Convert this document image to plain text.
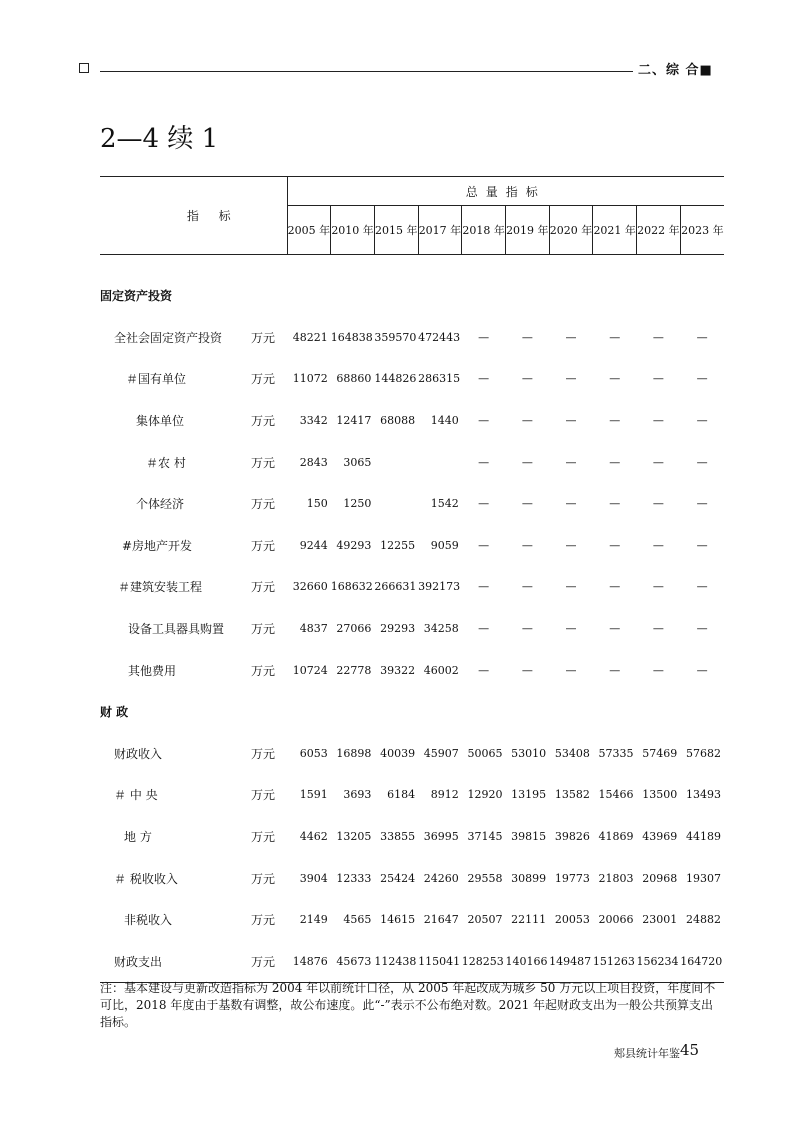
二、综 合■
2—4 续 1
指 标		总量指标									
		2005 年	2010 年	2015 年	2017 年	2018 年	2019 年	2020 年	2021 年	2022 年	2023 年

固定资产投资											
全社会固定资产投资	万元	48221	164838	359570	472443	—	—	—	—	—	—
＃国有单位	万元	11072	68860	144826	286315	—	—	—	—	—	—
集体单位	万元	3342	12417	68088	1440	—	—	—	—	—	—
＃农 村	万元	2843	3065			—	—	—	—	—	—
个体经济	万元	150	1250		1542	—	—	—	—	—	—
#房地产开发	万元	9244	49293	12255	9059	—	—	—	—	—	—
＃建筑安装工程	万元	32660	168632	266631	392173	—	—	—	—	—	—
设备工具器具购置	万元	4837	27066	29293	34258	—	—	—	—	—	—
其他费用	万元	10724	22778	39322	46002	—	—	—	—	—	—
财 政											
财政收入	万元	6053	16898	40039	45907	50065	53010	53408	57335	57469	57682
＃ 中 央	万元	1591	3693	6184	8912	12920	13195	13582	15466	13500	13493
地 方	万元	4462	13205	33855	36995	37145	39815	39826	41869	43969	44189
＃ 税收收入	万元	3904	12333	25424	24260	29558	30899	19773	21803	20968	19307
非税收入	万元	2149	4565	14615	21647	20507	22111	20053	20066	23001	24882
财政支出	万元	14876	45673	112438	115041	128253	140166	149487	151263	156234	164720
注：基本建设与更新改造指标为 2004 年以前统计口径，从 2005 年起改成为城乡 50 万元以上项目投资，年度间不可比，2018 年度由于基数有调整，故公布速度。此“-”表示不公布绝对数。2021 年起财政支出为一般公共预算支出指标。
郏县统计年鉴 45
